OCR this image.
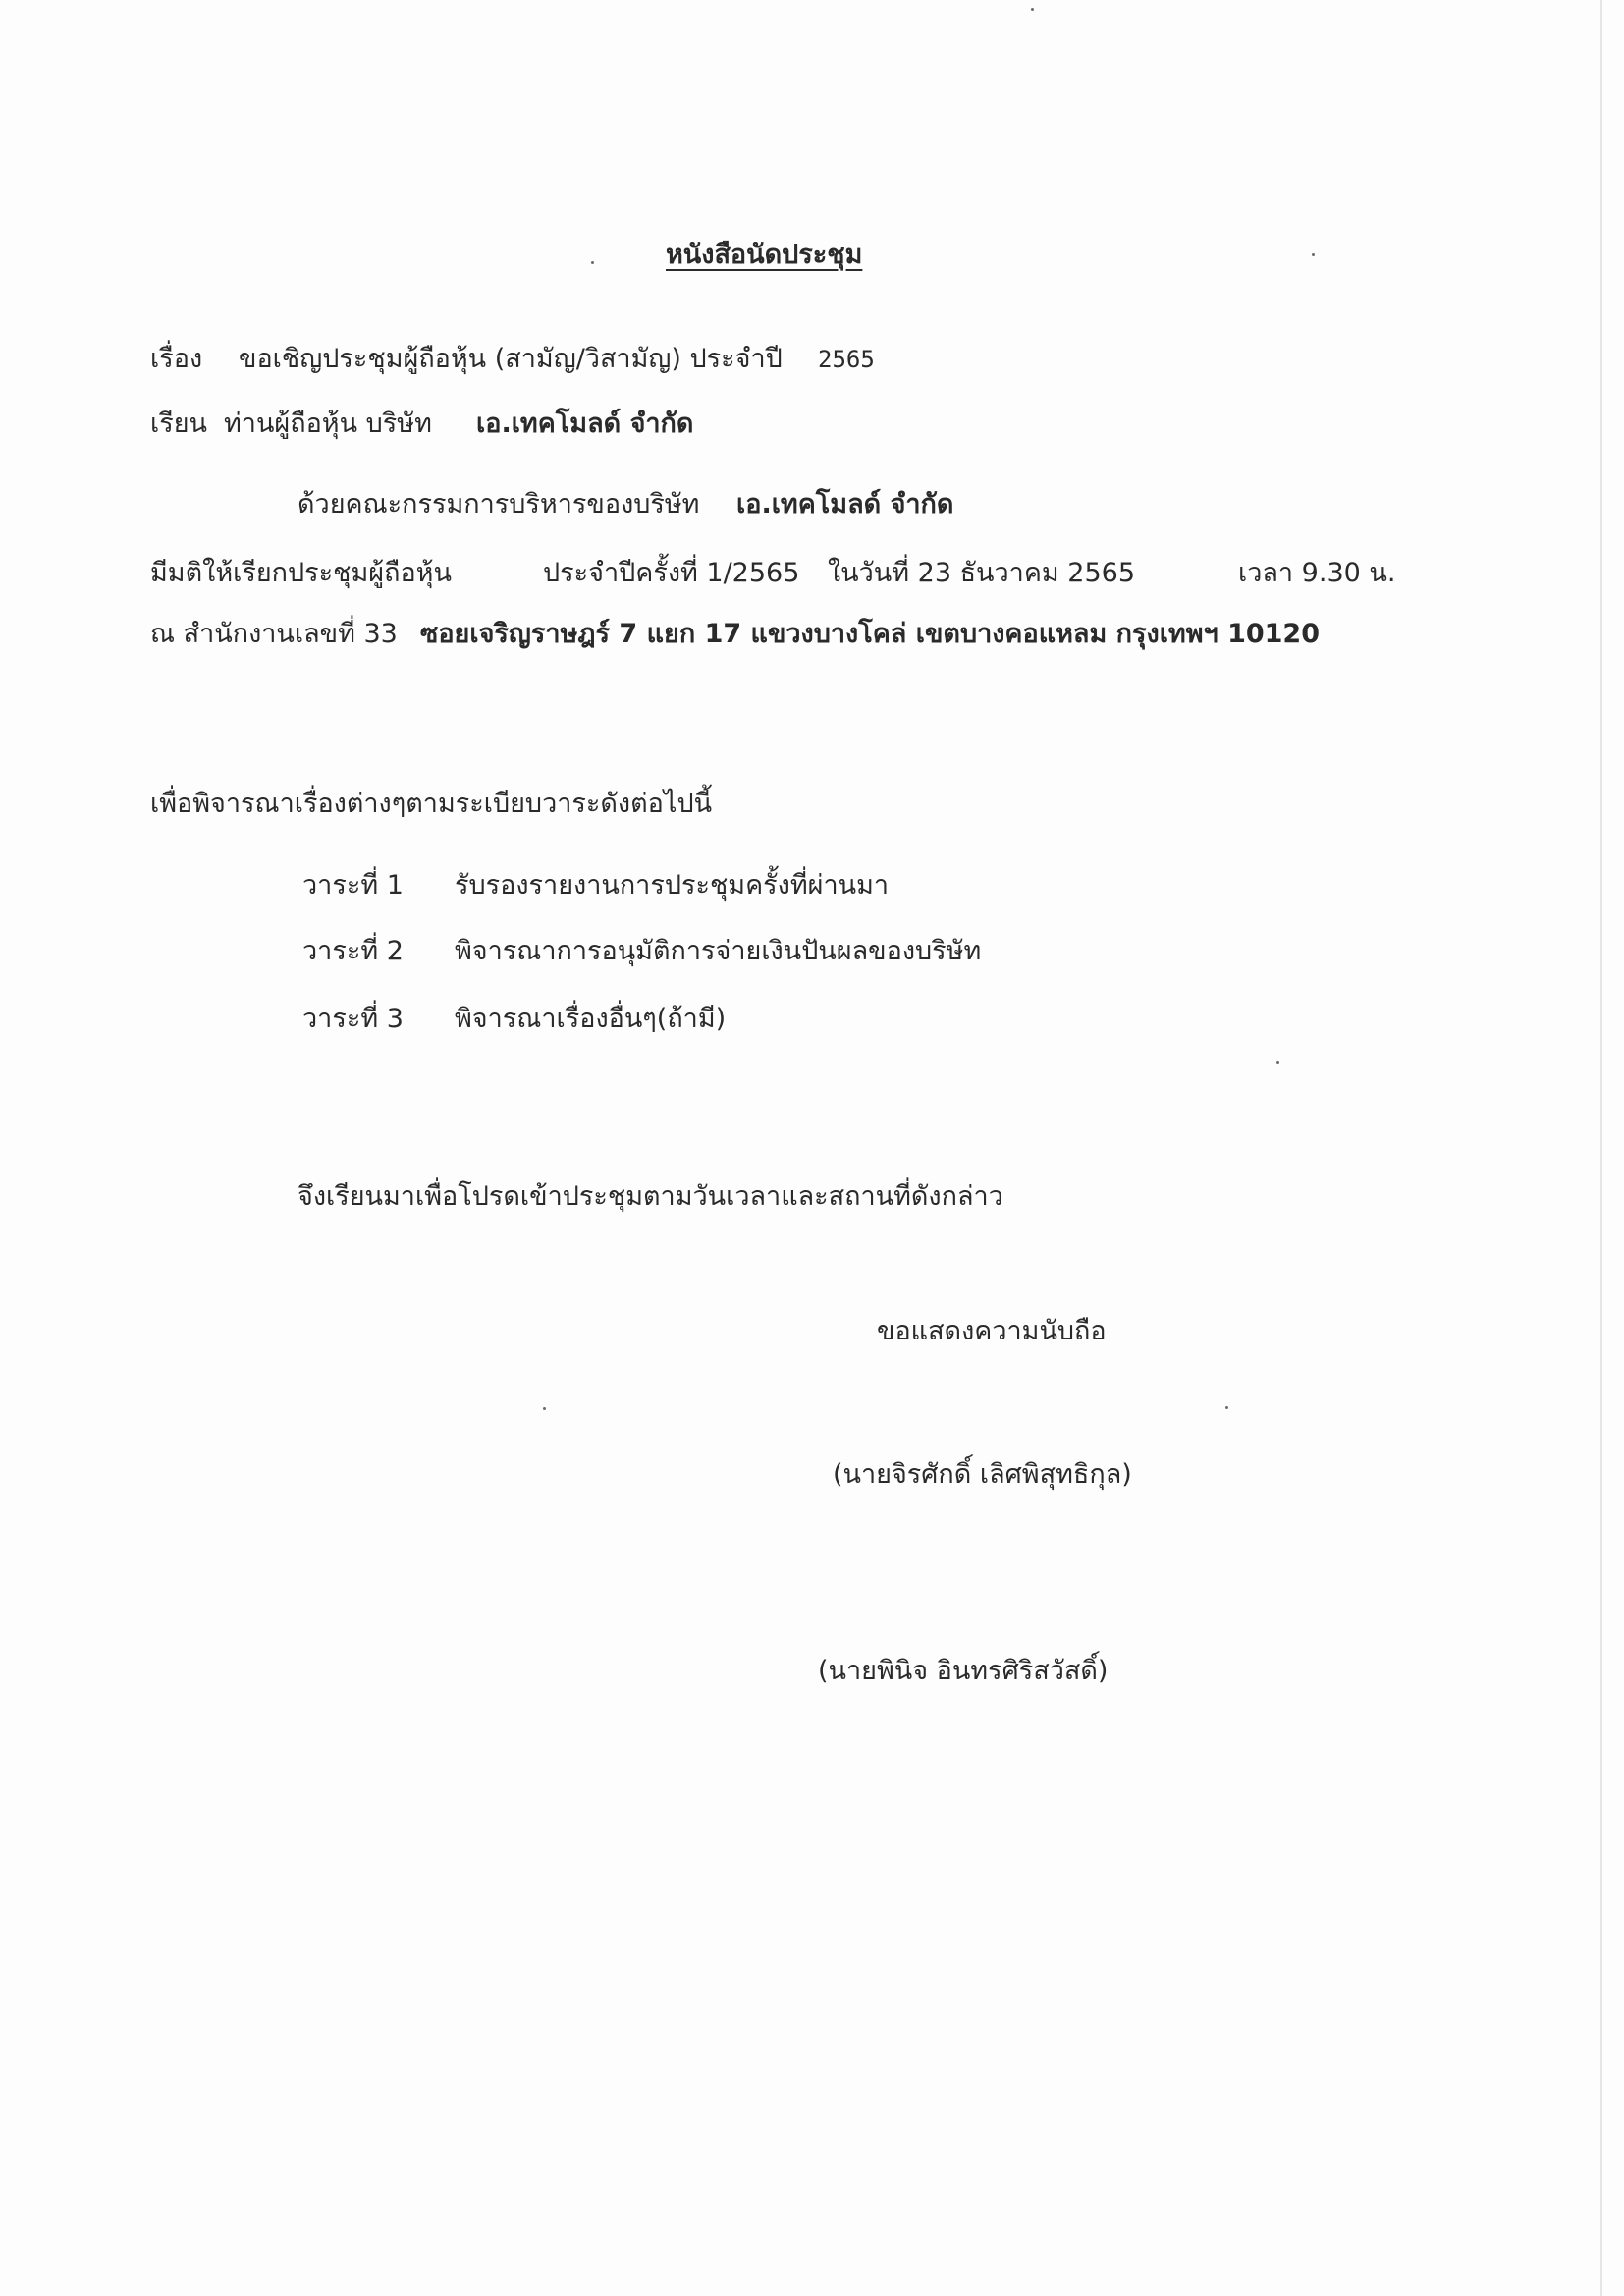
หนังสือนัดประชุม
เรื่อง ขอเชิญประชุมผู้ถือหุ้น (สามัญ/วิสามัญ) ประจำปี 2565
เรียน ท่านผู้ถือหุ้น บริษัท เอ.เทคโมลด์ จำกัด
ด้วยคณะกรรมการบริหารของบริษัท เอ.เทคโมลด์ จำกัด
มีมติให้เรียกประชุมผู้ถือหุ้น	ประจำปีครั้งที่ 1/2565 ในวันที่ 23 ธันวาคม 2565	เวลา 9.30 น.
ณ สำนักงานเลขที่ 33 ซอยเจริญราษฎร์ 7 แยก 17 แขวงบางโคล่ เขตบางคอแหลม กรุงเทพฯ 10120
เพื่อพิจารณาเรื่องต่างๆตามระเบียบวาระดังต่อไปนี้
วาระที่ 1 รับรองรายงานการประชุมครั้งที่ผ่านมา
วาระที่ 2 พิจารณาการอนุมัติการจ่ายเงินปันผลของบริษัท
วาระที่ 3 พิจารณาเรื่องอื่นๆ(ถ้ามี)
จึงเรียนมาเพื่อโปรดเข้าประชุมตามวันเวลาและสถานที่ดังกล่าว
ขอแสดงความนับถือ
(นายจิรศักดิ์ เลิศพิสุทธิกุล)
(นายพินิจ อินทรศิริสวัสดิ์)
